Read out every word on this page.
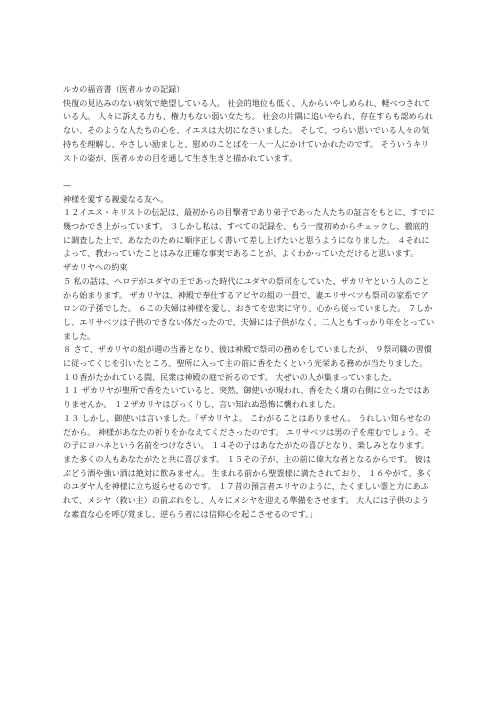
ルカの福音書（医者ルカの記録）

快復の見込みのない病気で絶望している人。 社会的地位も低く、人からいやしめられ、軽べつされている人。 人々に訴える力も、権力もない弱い女たち。 社会の片隅に追いやられ、存在すらも認められない、そのような人たちの心を、イエスは大切になさいました。 そして、つらい思いでいる人々の気持ちを理解し、やさしい励ましと、慰めのことばを一人一人にかけていかれたのです。 そういうキリストの姿が、医者ルカの目を通して生き生きと描かれています。

—

神様を愛する親愛なる友へ。

１２イエス・キリストの伝記は、最初からの目撃者であり弟子であった人たちの証言をもとに、すでに幾つかでき上がっています。 ３しかし私は、すべての記録を、もう一度初めからチェックし、徹底的に調査した上で、あなたのために順序正しく書いて差し上げたいと思うようになりました。 ４それによって、教わっていたことはみな正確な事実であることが、よくわかっていただけると思います。

ザカリヤへの約束

５ 私の話は、ヘロデがユダヤの王であった時代にユダヤの祭司をしていた、ザカリヤという人のことから始まります。 ザカリヤは、神殿で奉仕するアビヤの組の一員で、妻エリサベツも祭司の家系でアロンの子孫でした。 ６この夫婦は神様を愛し、おきてを忠実に守り、心から従っていました。 ７しかし、エリサベツは子供のできない体だったので、夫婦には子供がなく、二人ともすっかり年をとっていました。

８ さて、ザカリヤの組が週の当番となり、彼は神殿で祭司の務めをしていましたが、 ９祭司職の習慣に従ってくじを引いたところ、聖所に入って主の前に香をたくという光栄ある務めが当たりました。 １０香がたかれている間、民衆は神殿の庭で祈るのです。 大ぜいの人が集まっていました。

１１ ザカリヤが聖所で香をたいていると、突然、御使いが現われ、香をたく壇の右側に立ったではありませんか。 １２ザカリヤはびっくりし、言い知れぬ恐怖に襲われました。

１３ しかし、御使いは言いました。「ザカリヤよ。 こわがることはありません。 うれしい知らせなのだから。 神様があなたの祈りをかなえてくださったのです。 エリサベツは男の子を産むでしょう。その子にヨハネという名前をつけなさい。 １４その子はあなたがたの喜びとなり、楽しみとなります。 また多くの人もあなたがたと共に喜びます。 １５その子が、主の前に偉大な者となるからです。 彼はぶどう酒や強い酒は絶対に飲みません。 生まれる前から聖霊様に満たされており、 １６やがて、多くのユダヤ人を神様に立ち返らせるのです。 １７昔の預言者エリヤのように、たくましい霊と力にあふれて、メシヤ（救い主）の前ぶれをし、人々にメシヤを迎える準備をさせます。 大人には子供のような素直な心を呼び覚まし、逆らう者には信仰心を起こさせるのです。」
